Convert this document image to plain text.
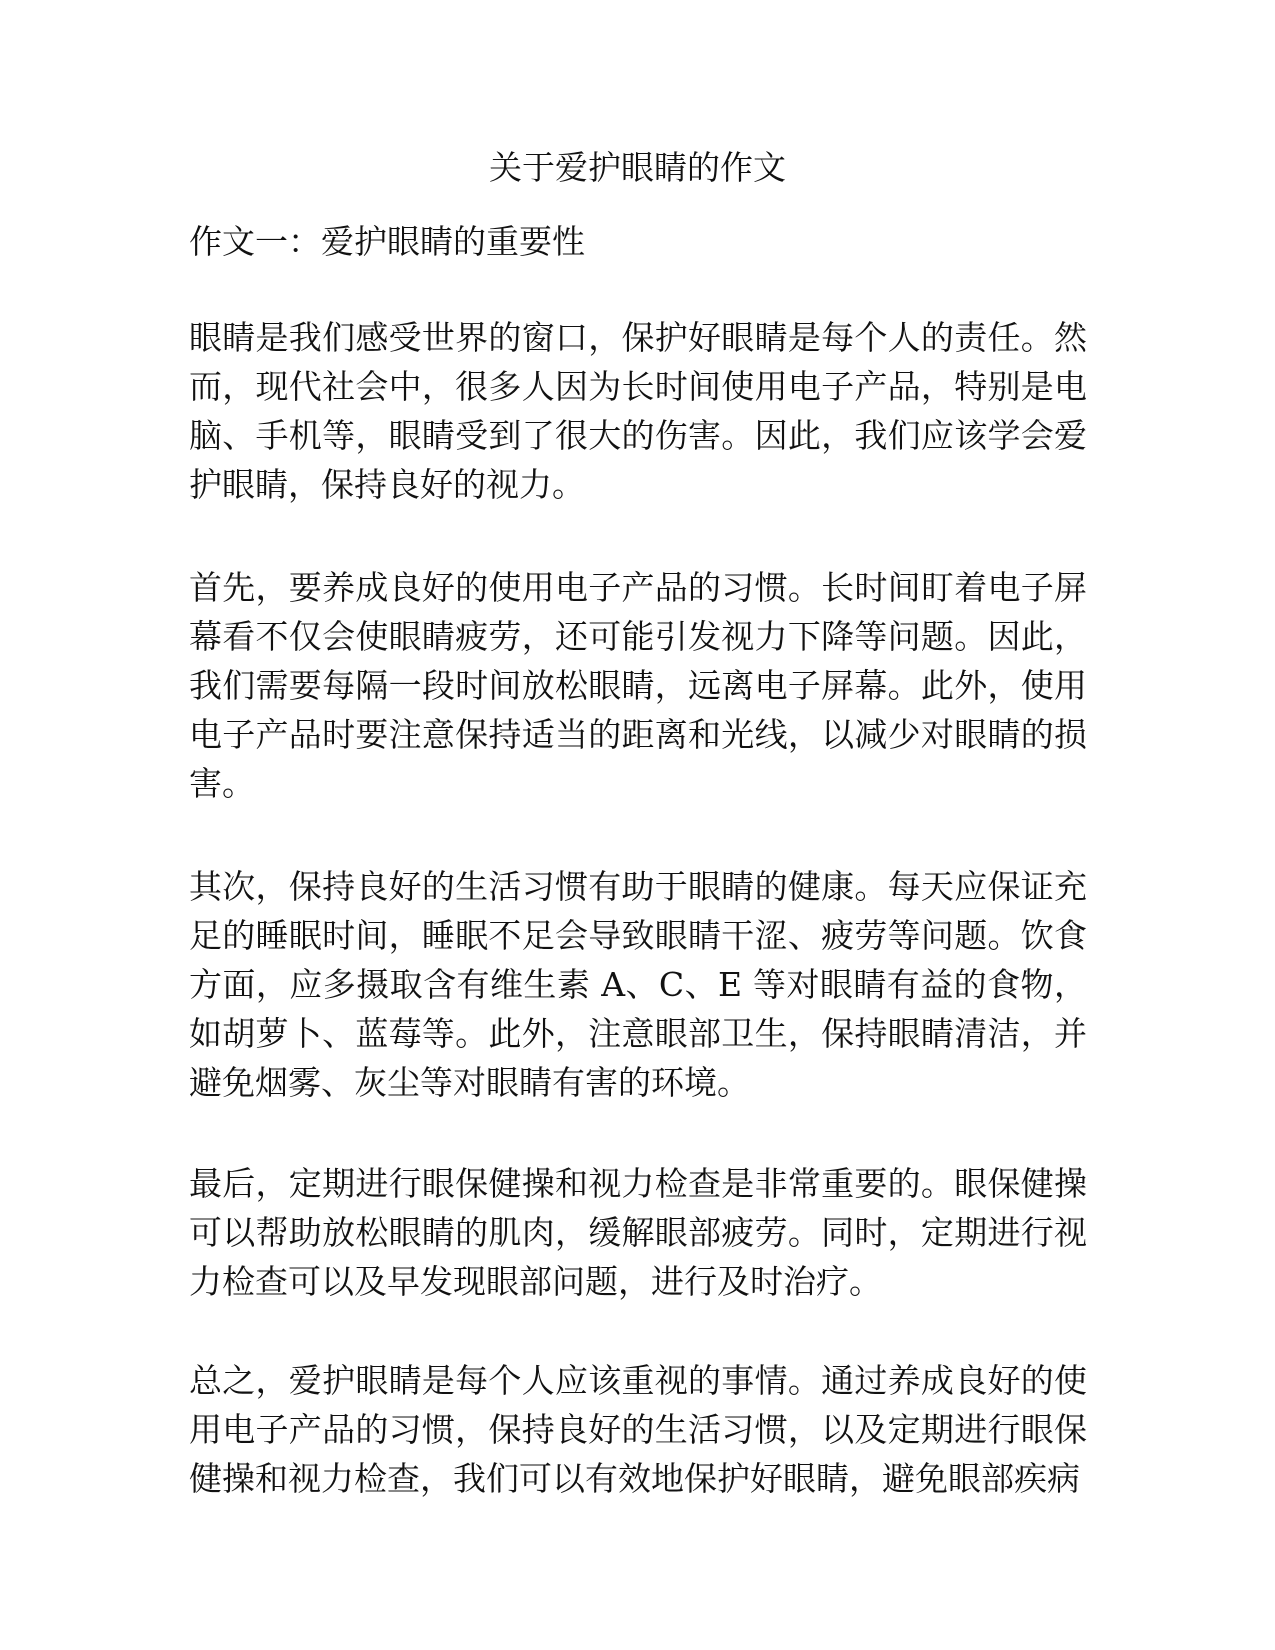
关于爱护眼睛的作文
作文一：爱护眼睛的重要性

眼睛是我们感受世界的窗口，保护好眼睛是每个人的责任。然而，现代社会中，很多人因为长时间使用电子产品，特别是电脑、手机等，眼睛受到了很大的伤害。因此，我们应该学会爱护眼睛，保持良好的视力。

首先，要养成良好的使用电子产品的习惯。长时间盯着电子屏幕看不仅会使眼睛疲劳，还可能引发视力下降等问题。因此，我们需要每隔一段时间放松眼睛，远离电子屏幕。此外，使用电子产品时要注意保持适当的距离和光线，以减少对眼睛的损害。

其次，保持良好的生活习惯有助于眼睛的健康。每天应保证充足的睡眠时间，睡眠不足会导致眼睛干涩、疲劳等问题。饮食方面，应多摄取含有维生素 A、C、E 等对眼睛有益的食物，如胡萝卜、蓝莓等。此外，注意眼部卫生，保持眼睛清洁，并避免烟雾、灰尘等对眼睛有害的环境。

最后，定期进行眼保健操和视力检查是非常重要的。眼保健操可以帮助放松眼睛的肌肉，缓解眼部疲劳。同时，定期进行视力检查可以及早发现眼部问题，进行及时治疗。

总之，爱护眼睛是每个人应该重视的事情。通过养成良好的使用电子产品的习惯，保持良好的生活习惯，以及定期进行眼保健操和视力检查，我们可以有效地保护好眼睛，避免眼部疾病
